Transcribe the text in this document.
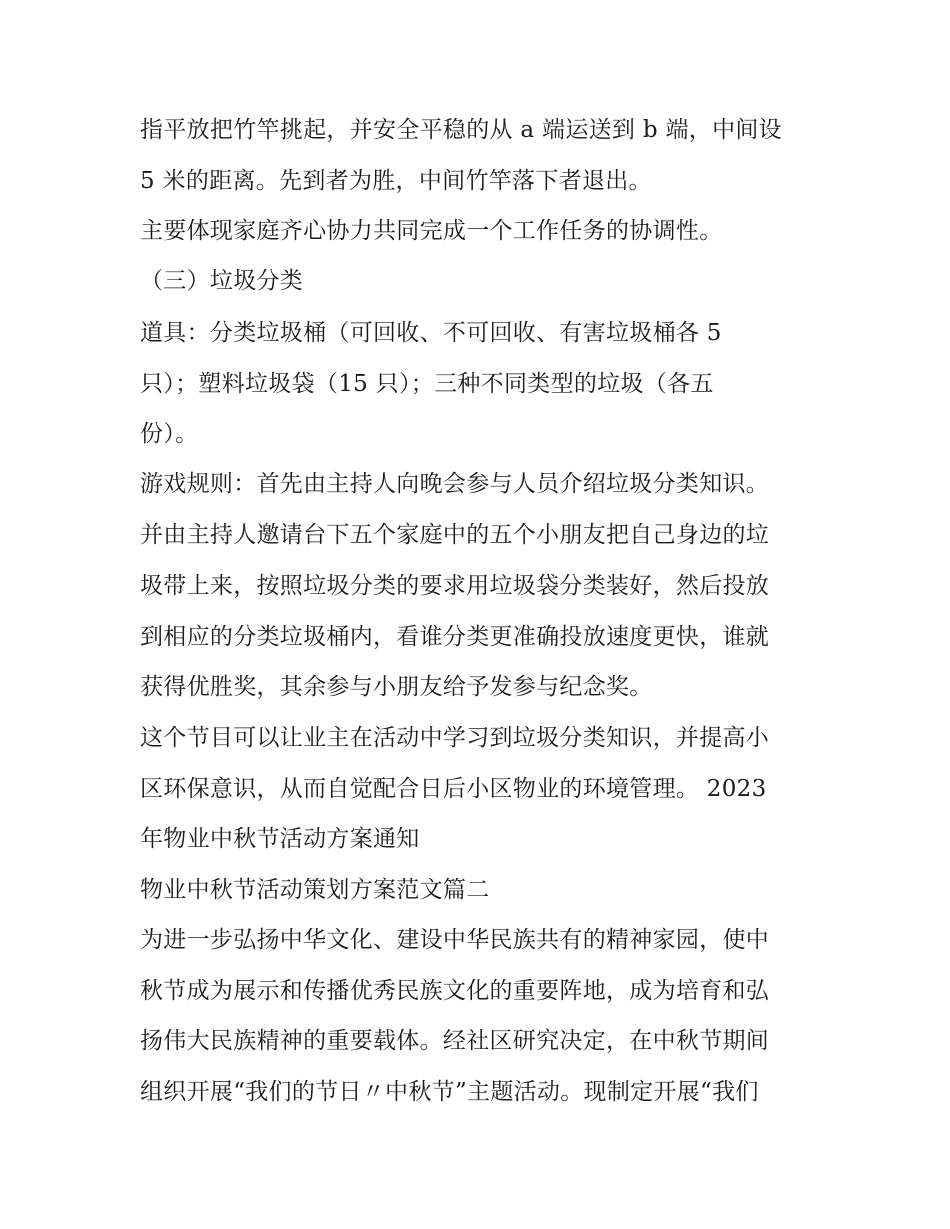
指平放把竹竿挑起，并安全平稳的从 a 端运送到 b 端，中间设
5 米的距离。先到者为胜，中间竹竿落下者退出。
主要体现家庭齐心协力共同完成一个工作任务的协调性。
（三）垃圾分类
道具：分类垃圾桶（可回收、不可回收、有害垃圾桶各 5
只）；塑料垃圾袋（15 只）；三种不同类型的垃圾（各五
份）。
游戏规则：首先由主持人向晚会参与人员介绍垃圾分类知识。
并由主持人邀请台下五个家庭中的五个小朋友把自己身边的垃
圾带上来，按照垃圾分类的要求用垃圾袋分类装好，然后投放
到相应的分类垃圾桶内，看谁分类更准确投放速度更快，谁就
获得优胜奖，其余参与小朋友给予发参与纪念奖。
这个节目可以让业主在活动中学习到垃圾分类知识，并提高小
区环保意识，从而自觉配合日后小区物业的环境管理。 2023
年物业中秋节活动方案通知
物业中秋节活动策划方案范文篇二
为进一步弘扬中华文化、建设中华民族共有的精神家园，使中
秋节成为展示和传播优秀民族文化的重要阵地，成为培育和弘
扬伟大民族精神的重要载体。经社区研究决定，在中秋节期间
组织开展“我们的节日〃中秋节”主题活动。现制定开展“我们
